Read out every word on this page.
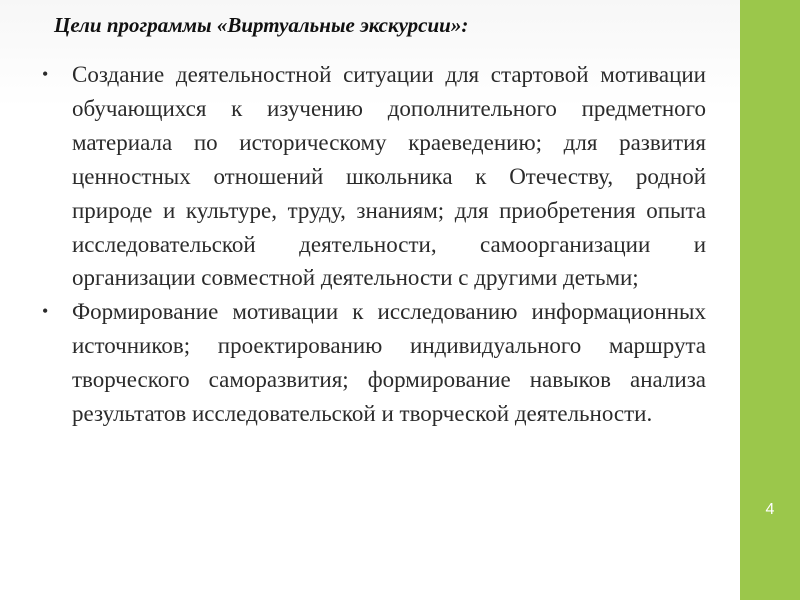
Цели программы «Виртуальные экскурсии»:
• Создание деятельностной ситуации для стартовой мотивации обучающихся к изучению дополнительного предметного материала по историческому краеведению; для развития ценностных отношений школьника к Отечеству, родной природе и культуре, труду, знаниям; для приобретения опыта исследовательской деятельности, самоорганизации и организации совместной деятельности с другими детьми;
• Формирование мотивации к исследованию информационных источников; проектированию индивидуального маршрута творческого саморазвития; формирование навыков анализа результатов исследовательской и творческой деятельности.
4
